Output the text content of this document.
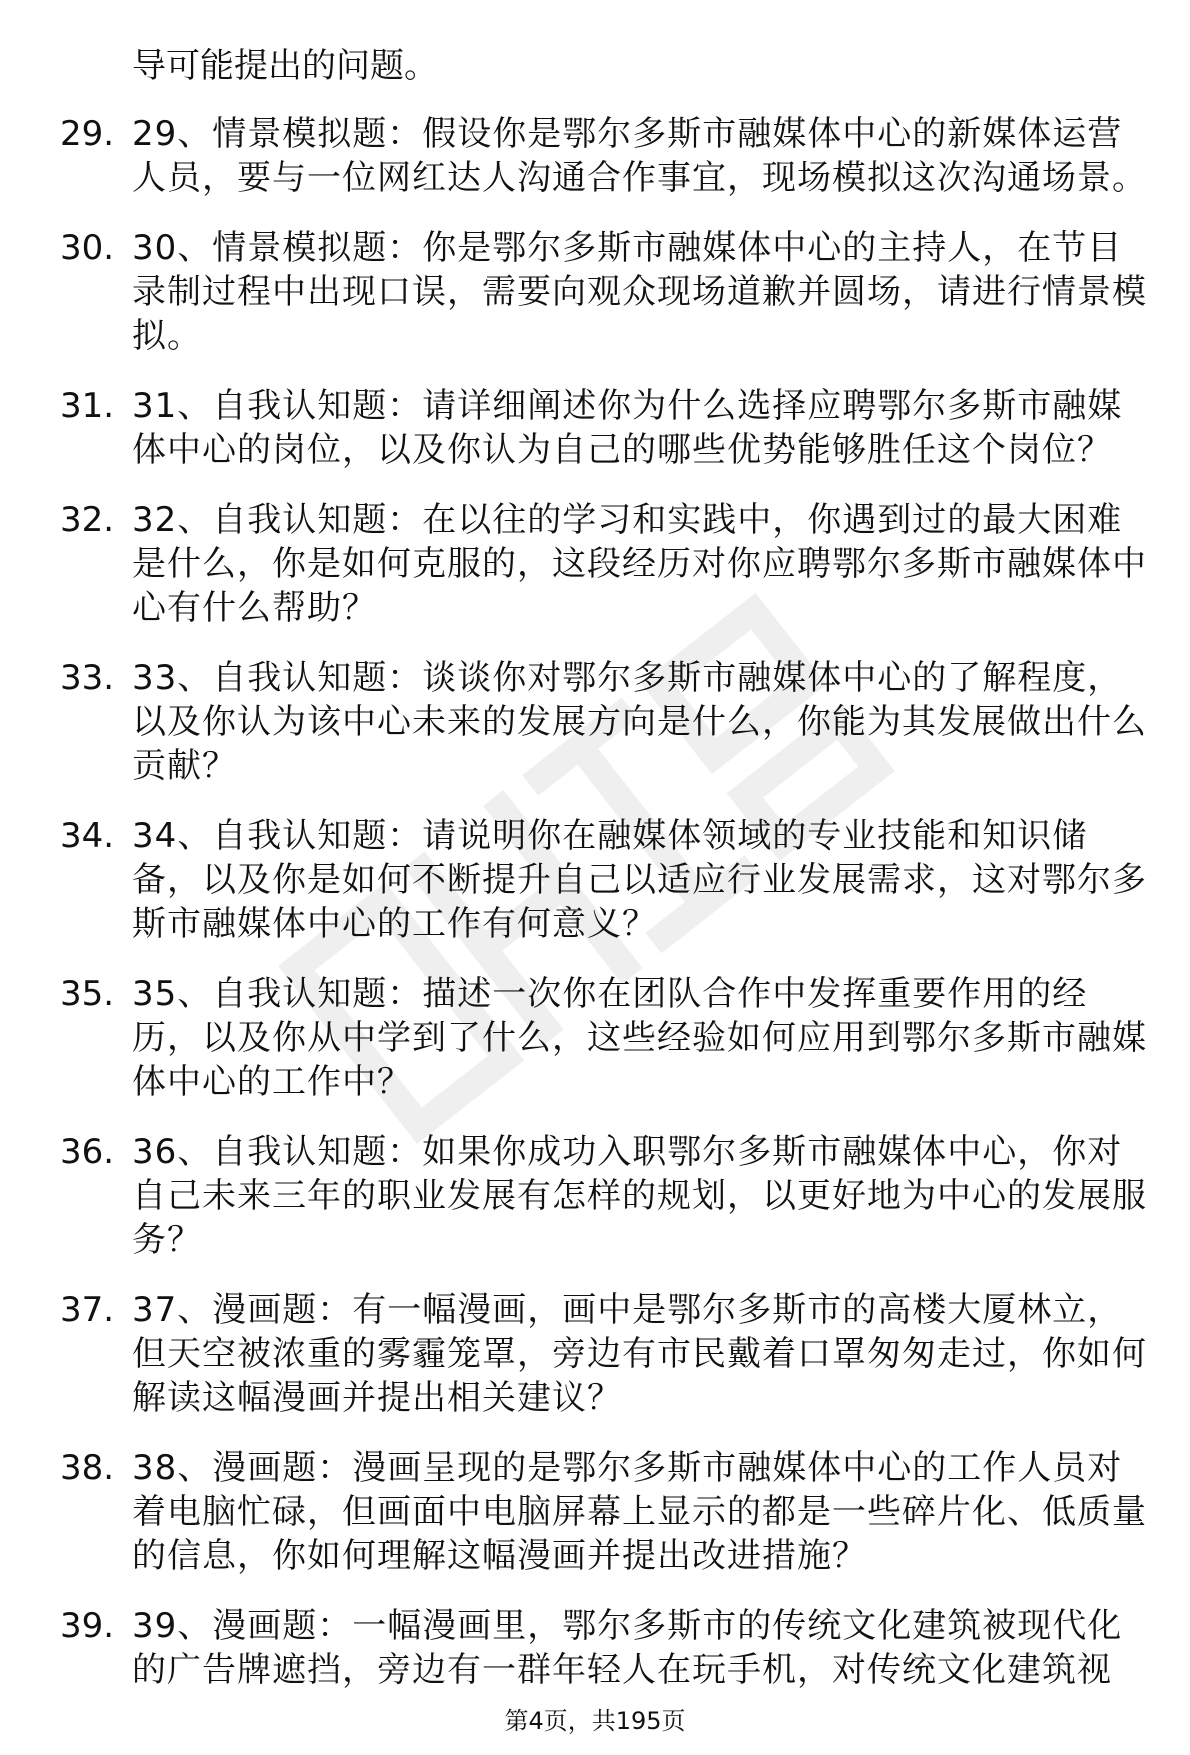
导可能提出的问题。
29. 29、情景模拟题：假设你是鄂尔多斯市融媒体中心的新媒体运营人员，要与一位网红达人沟通合作事宜，现场模拟这次沟通场景。
30. 30、情景模拟题：你是鄂尔多斯市融媒体中心的主持人，在节目录制过程中出现口误，需要向观众现场道歉并圆场，请进行情景模拟。
31. 31、自我认知题：请详细阐述你为什么选择应聘鄂尔多斯市融媒体中心的岗位，以及你认为自己的哪些优势能够胜任这个岗位？
32. 32、自我认知题：在以往的学习和实践中，你遇到过的最大困难是什么，你是如何克服的，这段经历对你应聘鄂尔多斯市融媒体中心有什么帮助？
33. 33、自我认知题：谈谈你对鄂尔多斯市融媒体中心的了解程度，以及你认为该中心未来的发展方向是什么，你能为其发展做出什么贡献？
34. 34、自我认知题：请说明你在融媒体领域的专业技能和知识储备，以及你是如何不断提升自己以适应行业发展需求，这对鄂尔多斯市融媒体中心的工作有何意义？
35. 35、自我认知题：描述一次你在团队合作中发挥重要作用的经历，以及你从中学到了什么，这些经验如何应用到鄂尔多斯市融媒体中心的工作中？
36. 36、自我认知题：如果你成功入职鄂尔多斯市融媒体中心，你对自己未来三年的职业发展有怎样的规划，以更好地为中心的发展服务？
37. 37、漫画题：有一幅漫画，画中是鄂尔多斯市的高楼大厦林立，但天空被浓重的雾霾笼罩，旁边有市民戴着口罩匆匆走过，你如何解读这幅漫画并提出相关建议？
38. 38、漫画题：漫画呈现的是鄂尔多斯市融媒体中心的工作人员对着电脑忙碌，但画面中电脑屏幕上显示的都是一些碎片化、低质量的信息，你如何理解这幅漫画并提出改进措施？
39. 39、漫画题：一幅漫画里，鄂尔多斯市的传统文化建筑被现代化的广告牌遮挡，旁边有一群年轻人在玩手机，对传统文化建筑视
第4页，共195页
